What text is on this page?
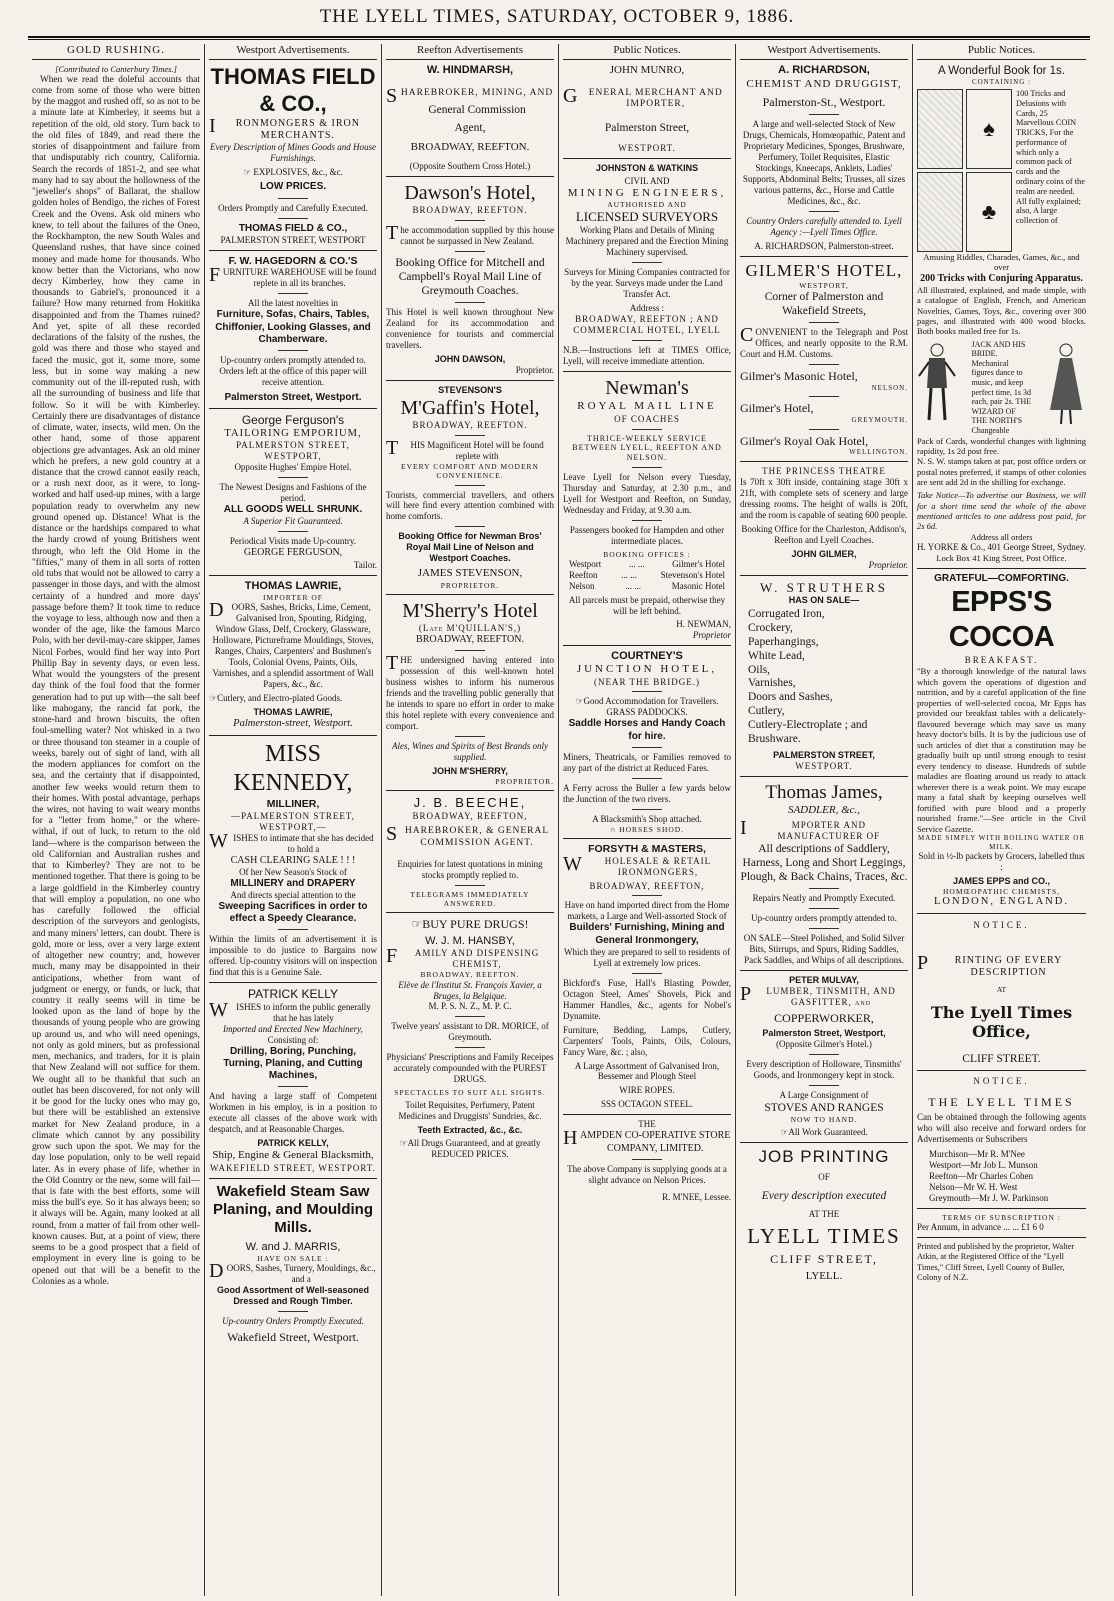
THE LYELL TIMES, SATURDAY, OCTOBER 9, 1886.
GOLD RUSHING.
[Contributed to Canterbury Times.]
When we read the doleful accounts that come from some of those who were bitten by the maggot and rushed off, so as not to be a minute late at Kimberley, it seems but a repetition of the old, old story. Turn back to the old files of 1849, and read there the stories of disappointment and failure from that undisputably rich country, California. Search the records of 1851-2, and see what many had to say about the hollowness of the "jeweller's shops" of Ballarat, the shallow golden holes of Bendigo, the riches of Forest Creek and the Ovens. Ask old miners who knew, to tell about the failures of the Oneo, the Rockhampton, the new South Wales and Queensland rushes, that have since coined money and made home for thousands. Who know better than the Victorians, who now decry Kimberley, how they came in thousands to Gabriel's, pronounced it a failure? How many returned from Hokitika disappointed and from the Thames ruined? And yet, spite of all these recorded declarations of the falsity of the rushes, the gold was there and those who stayed and faced the music, got it, some more, some less, but in some way making a new community out of the ill-reputed rush, with all the surrounding of business and life that follow. So it will be with Kimberley. Certainly there are disadvantages of distance of climate, water, insects, wild men. On the other hand, some of those apparent objections gre advantages. Ask an old miner which he prefers, a new gold country at a distance that the crowd cannot easily reach, or a rush next door, as it were, to long-worked and half used-up mines, with a large population ready to overwhelm any new ground opened up. Distance! What is the distance or the hardships compared to what the hardy crowd of young Britishers went through, who left the Old Home in the "fifties," many of them in all sorts of rotten old tubs that would not be allowed to carry a passenger in those days, and with the almost certainty of a hundred and more days' passage before them? It took time to reduce the voyage to less, although now and then a wonder of the age, like the famous Marco Polo, with her devil-may-care skipper, James Nicol Forbes, would find her way into Port Phillip Bay in seventy days, or even less. What would the youngsters of the present day think of the foul food that the former generation had to put up with—the salt beef like mahogany, the rancid fat pork, the stone-hard and brown biscuits, the often foul-smelling water? Not whisked in a two or three thousand ton steamer in a couple of weeks, barely out of sight of land, with all the modern appliances for comfort on the sea, and the certainty that if disappointed, another few weeks would return them to their homes. With postal advantage, perhaps the wires, not having to wait weary months for a "letter from home," or the where-withal, if out of luck, to return to the old land—where is the comparison between the old Californian and Australian rushes and that to Kimberley? They are not to be mentioned together. That there is going to be a large goldfield in the Kimberley country that will employ a population, no one who has carefully followed the official description of the surveyors and geologists, and many miners' letters, can doubt. There is gold, more or less, over a very large extent of altogether new country; and, however much, many may be disappointed in their anticipations, whether from want of judgment or energy, or funds, or luck, that country it really seems will in time be looked upon as the land of hope by the thousands of young people who are growing up around us, and who will need openings, not only as gold miners, but as professional men, mechanics, and traders, for it is plain that New Zealand will not suffice for them. We ought all to be thankful that such an outlet has been discovered, for not only will it be good for the lucky ones who may go, but there will be established an extensive market for New Zealand produce, in a climate which cannot by any possibility grow such upon the spot. We may for the day lose population, only to be well repaid later. As in every phase of life, whether in the Old Country or the new, some will fail—that is fate with the best efforts, some will miss the bull's eye. So it has always been; so it always will be. Again, many looked at all round, from a matter of fail from other well-known causes. But, at a point of view, there seems to be a good prospect that a field of employment in every line is going to be opened out that will be a benefit to the Colonies as a whole.
Westport Advertisements.
THOMAS FIELD & CO.,
IRONMONGERS & IRON MERCHANTS.
Every Description of Mines Goods and House Furnishings.
☞ EXPLOSIVES, &c., &c.
LOW PRICES.
Orders Promptly and Carefully Executed.
THOMAS FIELD & CO.,
PALMERSTON STREET, WESTPORT
F. W. HAGEDORN & CO.'S
FURNITURE WAREHOUSE will be found replete in all its branches.
All the latest novelties in
Furniture, Sofas, Chairs, Tables, Chiffonier, Looking Glasses, and Chamberware.
Up-country orders promptly attended to. Orders left at the office of this paper will receive attention.
Palmerston Street, Westport.
George Ferguson's
TAILORING EMPORIUM,
PALMERSTON STREET, WESTPORT,
Opposite Hughes' Empire Hotel.
The Newest Designs and Fashions of the period.
ALL GOODS WELL SHRUNK.
A Superior Fit Guaranteed.
Periodical Visits made Up-country.
GEORGE FERGUSON,
Tailor.
THOMAS LAWRIE,
IMPORTER OF
DOORS, Sashes, Bricks, Lime, Cement, Galvanised Iron, Spouting, Ridging, Window Glass, Delf, Crockery, Glassware, Holloware, Pictureframe Mouldings, Stoves, Ranges, Chairs, Carpenters' and Bushmen's Tools, Colonial Ovens, Paints, Oils, Varnishes, and a splendid assortment of Wall Papers, &c., &c.
☞Cutlery, and Electro-plated Goods.
THOMAS LAWRIE,
Palmerston-street, Westport.
MISS KENNEDY,
MILLINER,
—PALMERSTON STREET, WESTPORT,—
WISHES to intimate that she has decided to hold a
CASH CLEARING SALE ! ! !
Of her New Season's Stock of
MILLINERY and DRAPERY
And directs special attention to the
Sweeping Sacrifices in order to effect a Speedy Clearance.
Within the limits of an advertisement it is impossible to do justice to Bargains now offered. Up-country visitors will on inspection find that this is a Genuine Sale.
PATRICK KELLY
WISHES to inform the public generally that he has lately
Imported and Erected New Machinery,
Consisting of:
Drilling, Boring, Punching, Turning, Planing, and Cutting Machines,
And having a large staff of Competent Workmen in his employ, is in a position to execute all classes of the above work with despatch, and at Reasonable Charges.
PATRICK KELLY,
Ship, Engine & General Blacksmith,
WAKEFIELD STREET, WESTPORT.
Wakefield Steam Saw Planing, and Moulding Mills.
W. and J. MARRIS,
HAVE ON SALE :
DOORS, Sashes, Turnery, Mouldings, &c., and a
Good Assortment of Well-seasoned Dressed and Rough Timber.
Up-country Orders Promptly Executed.
Wakefield Street, Westport.
Reefton Advertisements
W. HINDMARSH,
SHAREBROKER, MINING, AND
General Commission
Agent,
BROADWAY, REEFTON.
(Opposite Southern Cross Hotel.)
Dawson's Hotel,
BROADWAY, REEFTON.
The accommodation supplied by this house cannot be surpassed in New Zealand.
Booking Office for Mitchell and Campbell's Royal Mail Line of Greymouth Coaches.
This Hotel is well known throughout New Zealand for its accommodation and convenience for tourists and commercial travellers.
JOHN DAWSON,
Proprietor.
STEVENSON'S
M'Gaffin's Hotel,
BROADWAY, REEFTON.
THIS Magnificent Hotel will be found replete with
EVERY COMFORT AND MODERN CONVENIENCE.
Tourists, commercial travellers, and others will here find every attention combined with home comforts.
Booking Office for Newman Bros' Royal Mail Line of Nelson and Westport Coaches.
JAMES STEVENSON,
PROPRIETOR.
M'Sherry's Hotel
(Late M'QUILLAN'S,)
BROADWAY, REEFTON.
THE undersigned having entered into possession of this well-known hotel business wishes to inform his numerous friends and the travelling public generally that he intends to spare no effort in order to make this hotel replete with every convenience and comport.
Ales, Wines and Spirits of Best Brands only supplied.
JOHN M'SHERRY,
PROPRIETOR.
J. B. BEECHE,
BROADWAY, REEFTON,
SHAREBROKER, & GENERAL
COMMISSION AGENT.
Enquiries for latest quotations in mining stocks promptly replied to.
TELEGRAMS IMMEDIATELY ANSWERED.
☞BUY PURE DRUGS!
W. J. M. HANSBY,
FAMILY AND DISPENSING CHEMIST,
BROADWAY, REEFTON.
Elève de l'Institut St. François Xavier, a Bruges, la Belgique.
M. P. S. N. Z., M. P. C.
Twelve years' assistant to DR. MORICE, of Greymouth.
Physicians' Prescriptions and Family Receipes accurately compounded with the PUREST DRUGS.
SPECTACLES TO SUIT ALL SIGHTS.
Toilet Requisites, Perfumery, Patent Medicines and Druggists' Sundries, &c.
Teeth Extracted, &c., &c.
☞All Drugs Guaranteed, and at greatly REDUCED PRICES.
Public Notices.
JOHN MUNRO,
GENERAL MERCHANT AND IMPORTER,
Palmerston Street,
WESTPORT.
JOHNSTON & WATKINS
CIVIL AND
MINING ENGINEERS,
AUTHORISED AND
LICENSED SURVEYORS
Working Plans and Details of Mining Machinery prepared and the Erection Mining Machinery supervised.
Surveys for Mining Companies contracted for by the year. Surveys made under the Land Transfer Act.
Address :
BROADWAY, REEFTON ; AND COMMERCIAL HOTEL, LYELL
N.B.—Instructions left at TIMES Office, Lyell, will receive immediate attention.
Newman's
ROYAL MAIL LINE
OF COACHES
THRICE-WEEKLY SERVICE BETWEEN LYELL, REEFTON AND NELSON.
Leave Lyell for Nelson every Tuesday, Thursday and Saturday, at 2.30 p.m., and Lyell for Westport and Reefton, on Sunday, Wednesday and Friday, at 9.30 a.m.
Passengers booked for Hampden and other intermediate places.
BOOKING OFFICES :
Westport	... ...	Gilmer's Hotel
Reefton	... ...	Stevenson's Hotel
Nelson	... ...	Masonic Hotel
All parcels must be prepaid, otherwise they will be left behind.
H. NEWMAN,
Proprietor
COURTNEY'S
JUNCTION HOTEL,
(NEAR THE BRIDGE.)
☞Good Accommodation for Travellers.
GRASS PADDOCKS.
Saddle Horses and Handy Coach for hire.
Miners, Theatricals, or Families removed to any part of the district at Reduced Fares.
A Ferry across the Buller a few yards below the Junction of the two rivers.
A Blacksmith's Shop attached.
∩ HORSES SHOD.
FORSYTH & MASTERS,
WHOLESALE & RETAIL IRONMONGERS,
BROADWAY, REEFTON,
Have on hand imported direct from the Home markets, a Large and Well-assorted Stock of
Builders' Furnishing, Mining and General Ironmongery,
Which they are prepared to sell to residents of Lyell at extremely low prices.
Bickford's Fuse, Hall's Blasting Powder, Octagon Steel, Ames' Shovels, Pick and Hammer Handles, &c., agents for Nobel's Dynamite.
Furniture, Bedding, Lamps, Cutlery, Carpenters' Tools, Paints, Oils, Colours, Fancy Ware, &c. ; also,
A Large Assortment of Galvanised Iron, Bessemer and Plough Steel
WIRE ROPES.
SSS OCTAGON STEEL.
THE
HAMPDEN CO-OPERATIVE STORE COMPANY, LIMITED.
The above Company is supplying goods at a slight advance on Nelson Prices.
R. M'NEE, Lessee.
Westport Advertisements.
A. RICHARDSON,
CHEMIST AND DRUGGIST,
Palmerston-St., Westport.
A large and well-selected Stock of New Drugs, Chemicals, Homœopathic, Patent and Proprietary Medicines, Sponges, Brushware, Perfumery, Toilet Requisites, Elastic Stockings, Kneecaps, Anklets, Ladies' Supports, Abdominal Belts; Trusses, all sizes various patterns, &c., Horse and Cattle Medicines, &c., &c.
Country Orders carefully attended to. Lyell Agency :—Lyell Times Office.
A. RICHARDSON, Palmerston-street.
GILMER'S HOTEL,
WESTPORT,
Corner of Palmerston and Wakefield Streets,
CONVENIENT to the Telegraph and Post Offices, and nearly opposite to the R.M. Court and H.M. Customs.
Gilmer's Masonic Hotel,
NELSON.
Gilmer's Hotel,
GREYMOUTH.
Gilmer's Royal Oak Hotel,
WELLINGTON.
THE PRINCESS THEATRE
Is 70ft x 30ft inside, containing stage 30ft x 21ft, with complete sets of scenery and large dressing rooms. The height of walls is 20ft, and the room is capable of seating 600 people.
Booking Office for the Charleston, Addison's, Reefton and Lyell Coaches.
JOHN GILMER,
Proprietor.
W. STRUTHERS
HAS ON SALE—
Corrugated Iron,
Crockery,
Paperhangings,
White Lead,
Oils,
Varnishes,
Doors and Sashes,
Cutlery,
Cutlery-Electroplate ; and
Brushware.
PALMERSTON STREET,
WESTPORT.
Thomas James,
SADDLER, &c.,
IMPORTER AND MANUFACTURER OF
All descriptions of Saddlery, Harness, Long and Short Leggings, Plough, & Back Chains, Traces, &c.
Repairs Neatly and Promptly Executed.
Up-country orders promptly attended to.
ON SALE—Steel Polished, and Solid Silver Bits, Stirrups, and Spurs, Riding Saddles, Pack Saddles, and Whips of all descriptions.
PETER MULVAY,
PLUMBER, TINSMITH, AND GASFITTER, and
COPPERWORKER,
Palmerston Street, Westport,
(Opposite Gilmer's Hotel.)
Every description of Holloware, Tinsmiths' Goods, and Ironmongery kept in stock.
A Large Consignment of
STOVES AND RANGES
NOW TO HAND.
☞All Work Guaranteed.
JOB PRINTING
OF
Every description executed
AT THE
LYELL TIMES
CLIFF STREET,
LYELL.
Public Notices.
A Wonderful Book for 1s.
CONTAINING :
♠
♣
100 Tricks and Delusions with Cards, 25 Marvellous COIN TRICKS, For the performance of which only a common pack of cards and the ordinary coins of the realm are needed. All fully explained; also, A large collection of
Amusing Riddles, Charades, Games, &c., and over
200 Tricks with Conjuring Apparatus.
All illustrated, explained, and made simple, with a catalogue of English, French, and American Novelties, Games, Toys, &c., covering over 300 pages, and illustrated with 400 wood blocks. Both books mailed free for 1s.
JACK AND HIS BRIDE. Mechanical figures dance to music, and keep perfect time, 1s 3d each, pair 2s. THE WIZARD OF THE NORTH'S Changeable
Pack of Cards, wonderful changes with lightning rapidity, 1s 2d post free.
N. S. W. stamps taken at par, post office orders or postal notes preferred, if stamps of other colonies are sent add 2d in the shilling for exchange.
Take Notice—To advertise our Business, we will for a short time send the whole of the above mentioned articles to one address post paid, for 2s 6d.
Address all orders
H. YORKE & Co., 401 George Street, Sydney.
Lock Box 41 King Street, Post Office.
GRATEFUL—COMFORTING.
EPPS'S COCOA
BREAKFAST.
"By a thorough knowledge of the natural laws which govern the operations of digestion and nutrition, and by a careful application of the fine properties of well-selected cocoa, Mr Epps has provided our breakfast tables with a delicately-flavoured beverage which may save us many heavy doctor's bills. It is by the judicious use of such articles of diet that a constitution may be gradually built up until strong enough to resist every tendency to disease. Hundreds of subtle maladies are floating around us ready to attack wherever there is a weak point. We may escape many a fatal shaft by keeping ourselves well fortified with pure blood and a properly nourished frame."—See article in the Civil Service Gazette.
MADE SIMPLY WITH BOILING WATER OR MILK.
Sold in ½-lb packets by Grocers, labelled thus :
JAMES EPPS and CO.,
HOMŒOPATHIC CHEMISTS,
LONDON, ENGLAND.
NOTICE.
PRINTING OF EVERY DESCRIPTION
AT
The Lyell Times Office,
CLIFF STREET.
NOTICE.
THE LYELL TIMES
Can be obtained through the following agents who will also receive and forward orders for Advertisements or Subscribers
Murchison—Mr R. M'Nee
Westport—Mr Job L. Munson
Reefton—Mr Charles Cohen
Nelson—Mr W. H. West
Greymouth—Mr J. W. Parkinson
TERMS OF SUBSCRIPTION :
Per Annum, in advance ... ... £1 6 0
Printed and published by the proprietor, Walter Atkin, at the Registered Office of the "Lyell Times," Cliff Street, Lyell County of Buller, Colony of N.Z.
